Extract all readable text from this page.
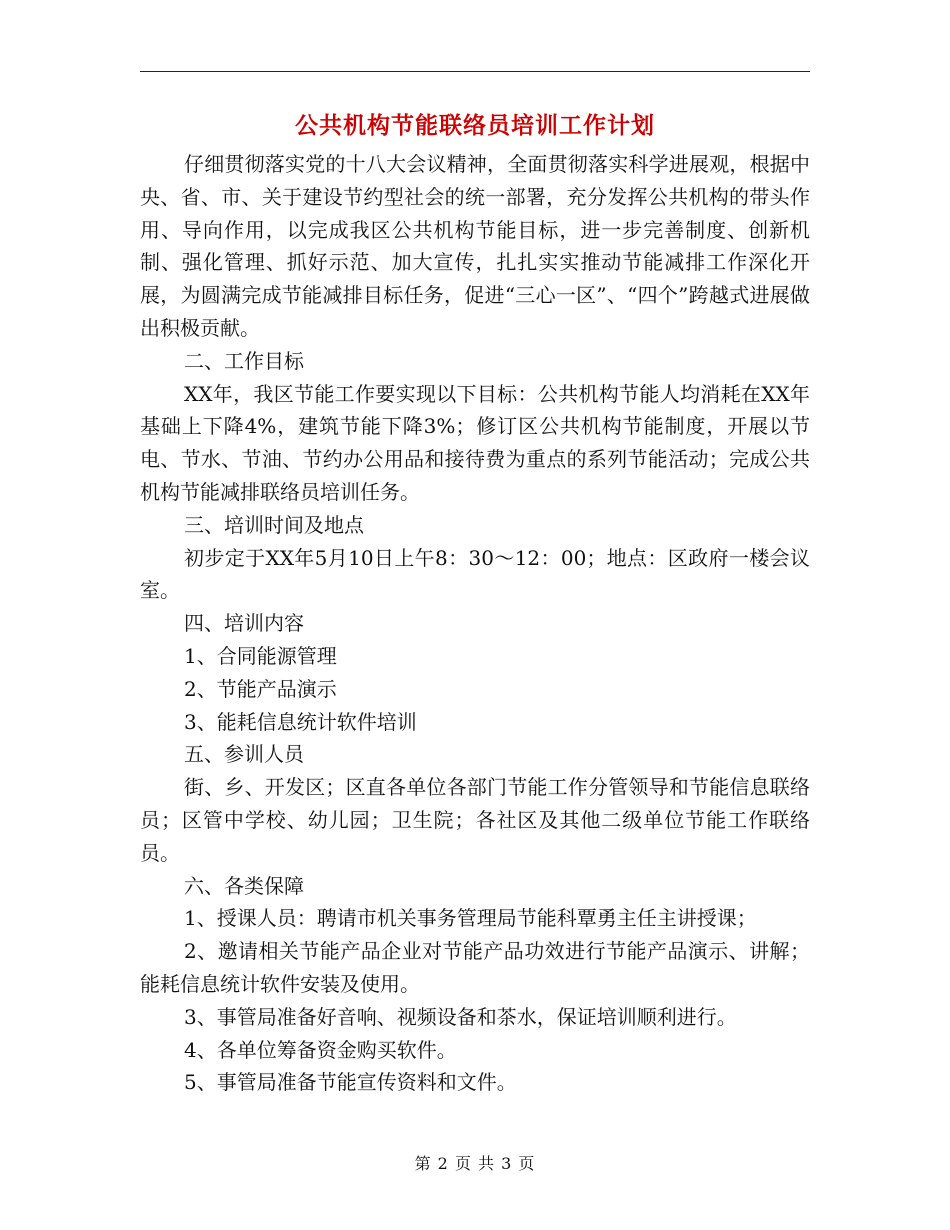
公共机构节能联络员培训工作计划

仔细贯彻落实党的十八大会议精神，全面贯彻落实科学进展观，根据中央、省、市、关于建设节约型社会的统一部署，充分发挥公共机构的带头作用、导向作用，以完成我区公共机构节能目标，进一步完善制度、创新机制、强化管理、抓好示范、加大宣传，扎扎实实推动节能减排工作深化开展，为圆满完成节能减排目标任务，促进“三心一区”、“四个”跨越式进展做出积极贡献。

二、工作目标

XX年，我区节能工作要实现以下目标：公共机构节能人均消耗在XX年基础上下降4%，建筑节能下降3%；修订区公共机构节能制度，开展以节电、节水、节油、节约办公用品和接待费为重点的系列节能活动；完成公共机构节能减排联络员培训任务。

三、培训时间及地点

初步定于XX年5月10日上午8：30～12：00；地点：区政府一楼会议室。

四、培训内容

1、合同能源管理

2、节能产品演示

3、能耗信息统计软件培训

五、参训人员

街、乡、开发区；区直各单位各部门节能工作分管领导和节能信息联络员；区管中学校、幼儿园；卫生院；各社区及其他二级单位节能工作联络员。

六、各类保障

1、授课人员：聘请市机关事务管理局节能科覃勇主任主讲授课；

2、邀请相关节能产品企业对节能产品功效进行节能产品演示、讲解；能耗信息统计软件安装及使用。

3、事管局准备好音响、视频设备和茶水，保证培训顺利进行。

4、各单位筹备资金购买软件。

5、事管局准备节能宣传资料和文件。

第 2 页 共 3 页
